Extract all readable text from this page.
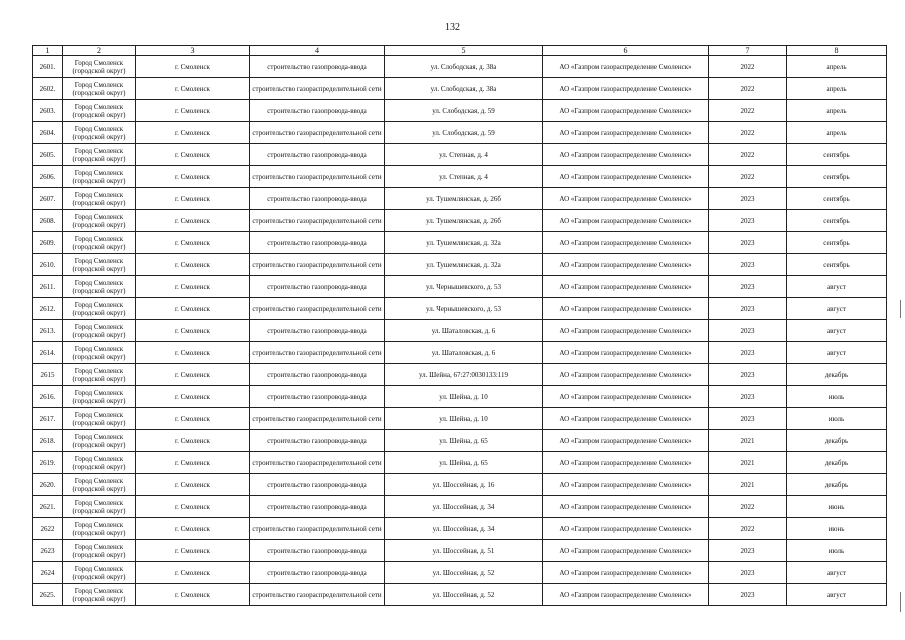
132
1	2	3	4	5	6	7	8
2601.	Город Смоленск (городской округ)	г. Смоленск	строительство газопровода-ввода	ул. Слободская, д. 38а	АО «Газпром газораспределение Смоленск»	2022	апрель
2602.	Город Смоленск (городской округ)	г. Смоленск	строительство газораспределительной сети	ул. Слободская, д. 38а	АО «Газпром газораспределение Смоленск»	2022	апрель
2603.	Город Смоленск (городской округ)	г. Смоленск	строительство газопровода-ввода	ул. Слободская, д. 59	АО «Газпром газораспределение Смоленск»	2022	апрель
2604.	Город Смоленск (городской округ)	г. Смоленск	строительство газораспределительной сети	ул. Слободская, д. 59	АО «Газпром газораспределение Смоленск»	2022	апрель
2605.	Город Смоленск (городской округ)	г. Смоленск	строительство газопровода-ввода	ул. Степная, д. 4	АО «Газпром газораспределение Смоленск»	2022	сентябрь
2606.	Город Смоленск (городской округ)	г. Смоленск	строительство газораспределительной сети	ул. Степная, д. 4	АО «Газпром газораспределение Смоленск»	2022	сентябрь
2607.	Город Смоленск (городской округ)	г. Смоленск	строительство газопровода-ввода	ул. Тушемлянская, д. 26б	АО «Газпром газораспределение Смоленск»	2023	сентябрь
2608.	Город Смоленск (городской округ)	г. Смоленск	строительство газораспределительной сети	ул. Тушемлянская, д. 26б	АО «Газпром газораспределение Смоленск»	2023	сентябрь
2609.	Город Смоленск (городской округ)	г. Смоленск	строительство газопровода-ввода	ул. Тушемлянская, д. 32а	АО «Газпром газораспределение Смоленск»	2023	сентябрь
2610.	Город Смоленск (городской округ)	г. Смоленск	строительство газораспределительной сети	ул. Тушемлянская, д. 32а	АО «Газпром газораспределение Смоленск»	2023	сентябрь
2611.	Город Смоленск (городской округ)	г. Смоленск	строительство газопровода-ввода	ул. Чернышевского, д. 53	АО «Газпром газораспределение Смоленск»	2023	август
2612.	Город Смоленск (городской округ)	г. Смоленск	строительство газораспределительной сети	ул. Чернышевского, д. 53	АО «Газпром газораспределение Смоленск»	2023	август
2613.	Город Смоленск (городской округ)	г. Смоленск	строительство газопровода-ввода	ул. Шаталовская, д. 6	АО «Газпром газораспределение Смоленск»	2023	август
2614.	Город Смоленск (городской округ)	г. Смоленск	строительство газораспределительной сети	ул. Шаталовская, д. 6	АО «Газпром газораспределение Смоленск»	2023	август
2615	Город Смоленск (городской округ)	г. Смоленск	строительство газопровода-ввода	ул. Шейна, 67:27:0030133:119	АО «Газпром газораспределение Смоленск»	2023	декабрь
2616.	Город Смоленск (городской округ)	г. Смоленск	строительство газопровода-ввода	ул. Шейна, д. 10	АО «Газпром газораспределение Смоленск»	2023	июль
2617.	Город Смоленск (городской округ)	г. Смоленск	строительство газораспределительной сети	ул. Шейна, д. 10	АО «Газпром газораспределение Смоленск»	2023	июль
2618.	Город Смоленск (городской округ)	г. Смоленск	строительство газопровода-ввода	ул. Шейна, д. 65	АО «Газпром газораспределение Смоленск»	2021	декабрь
2619.	Город Смоленск (городской округ)	г. Смоленск	строительство газораспределительной сети	ул. Шейна, д. 65	АО «Газпром газораспределение Смоленск»	2021	декабрь
2620.	Город Смоленск (городской округ)	г. Смоленск	строительство газопровода-ввода	ул. Шоссейная, д. 16	АО «Газпром газораспределение Смоленск»	2021	декабрь
2621.	Город Смоленск (городской округ)	г. Смоленск	строительство газопровода-ввода	ул. Шоссейная, д. 34	АО «Газпром газораспределение Смоленск»	2022	июнь
2622	Город Смоленск (городской округ)	г. Смоленск	строительство газораспределительной сети	ул. Шоссейная, д. 34	АО «Газпром газораспределение Смоленск»	2022	июнь
2623	Город Смоленск (городской округ)	г. Смоленск	строительство газопровода-ввода	ул. Шоссейная, д. 51	АО «Газпром газораспределение Смоленск»	2023	июль
2624	Город Смоленск (городской округ)	г. Смоленск	строительство газопровода-ввода	ул. Шоссейная, д. 52	АО «Газпром газораспределение Смоленск»	2023	август
2625.	Город Смоленск (городской округ)	г. Смоленск	строительство газораспределительной сети	ул. Шоссейная, д. 52	АО «Газпром газораспределение Смоленск»	2023	август
